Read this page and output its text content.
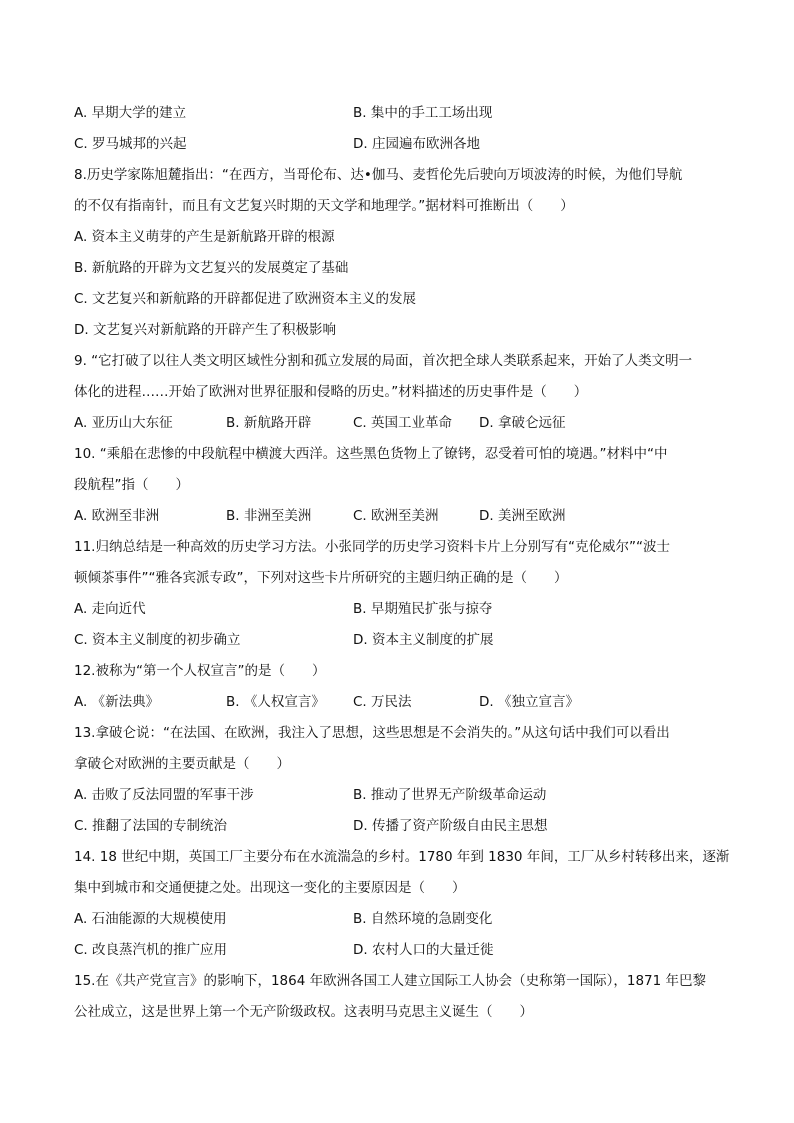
A. 早期大学的建立	B. 集中的手工工场出现
C. 罗马城邦的兴起	D. 庄园遍布欧洲各地
8.历史学家陈旭麓指出：“在西方，当哥伦布、达•伽马、麦哲伦先后驶向万顷波涛的时候，为他们导航
的不仅有指南针，而且有文艺复兴时期的天文学和地理学。”据材料可推断出（　　）
A. 资本主义萌芽的产生是新航路开辟的根源
B. 新航路的开辟为文艺复兴的发展奠定了基础
C. 文艺复兴和新航路的开辟都促进了欧洲资本主义的发展
D. 文艺复兴对新航路的开辟产生了积极影响
9. “它打破了以往人类文明区域性分割和孤立发展的局面，首次把全球人类联系起来，开始了人类文明一
体化的进程……开始了欧洲对世界征服和侵略的历史。”材料描述的历史事件是（　　）
A. 亚历山大东征	B. 新航路开辟	C. 英国工业革命 D. 拿破仑远征
10. “乘船在悲惨的中段航程中横渡大西洋。这些黑色货物上了镣铐，忍受着可怕的境遇。”材料中“中
段航程”指（　　）
A. 欧洲至非洲	B. 非洲至美洲	C. 欧洲至美洲	D. 美洲至欧洲
11.归纳总结是一种高效的历史学习方法。小张同学的历史学习资料卡片上分别写有“克伦威尔”“波士
顿倾茶事件”“雅各宾派专政”，下列对这些卡片所研究的主题归纳正确的是（　　）
A. 走向近代	B. 早期殖民扩张与掠夺
C. 资本主义制度的初步确立	D. 资本主义制度的扩展
12.被称为“第一个人权宣言”的是（　　）
A. 《新法典》	B. 《人权宣言》 C. 万民法	D. 《独立宣言》
13.拿破仑说：“在法国、在欧洲，我注入了思想，这些思想是不会消失的。”从这句话中我们可以看出
拿破仑对欧洲的主要贡献是（　　）
A. 击败了反法同盟的军事干涉	B. 推动了世界无产阶级革命运动
C. 推翻了法国的专制统治	D. 传播了资产阶级自由民主思想
14. 18 世纪中期，英国工厂主要分布在水流湍急的乡村。1780 年到 1830 年间，工厂从乡村转移出来，逐渐
集中到城市和交通便捷之处。出现这一变化的主要原因是（　　）
A. 石油能源的大规模使用	B. 自然环境的急剧变化
C. 改良蒸汽机的推广应用	D. 农村人口的大量迁徙
15.在《共产党宣言》的影响下，1864 年欧洲各国工人建立国际工人协会（史称第一国际），1871 年巴黎
公社成立，这是世界上第一个无产阶级政权。这表明马克思主义诞生（　　）
